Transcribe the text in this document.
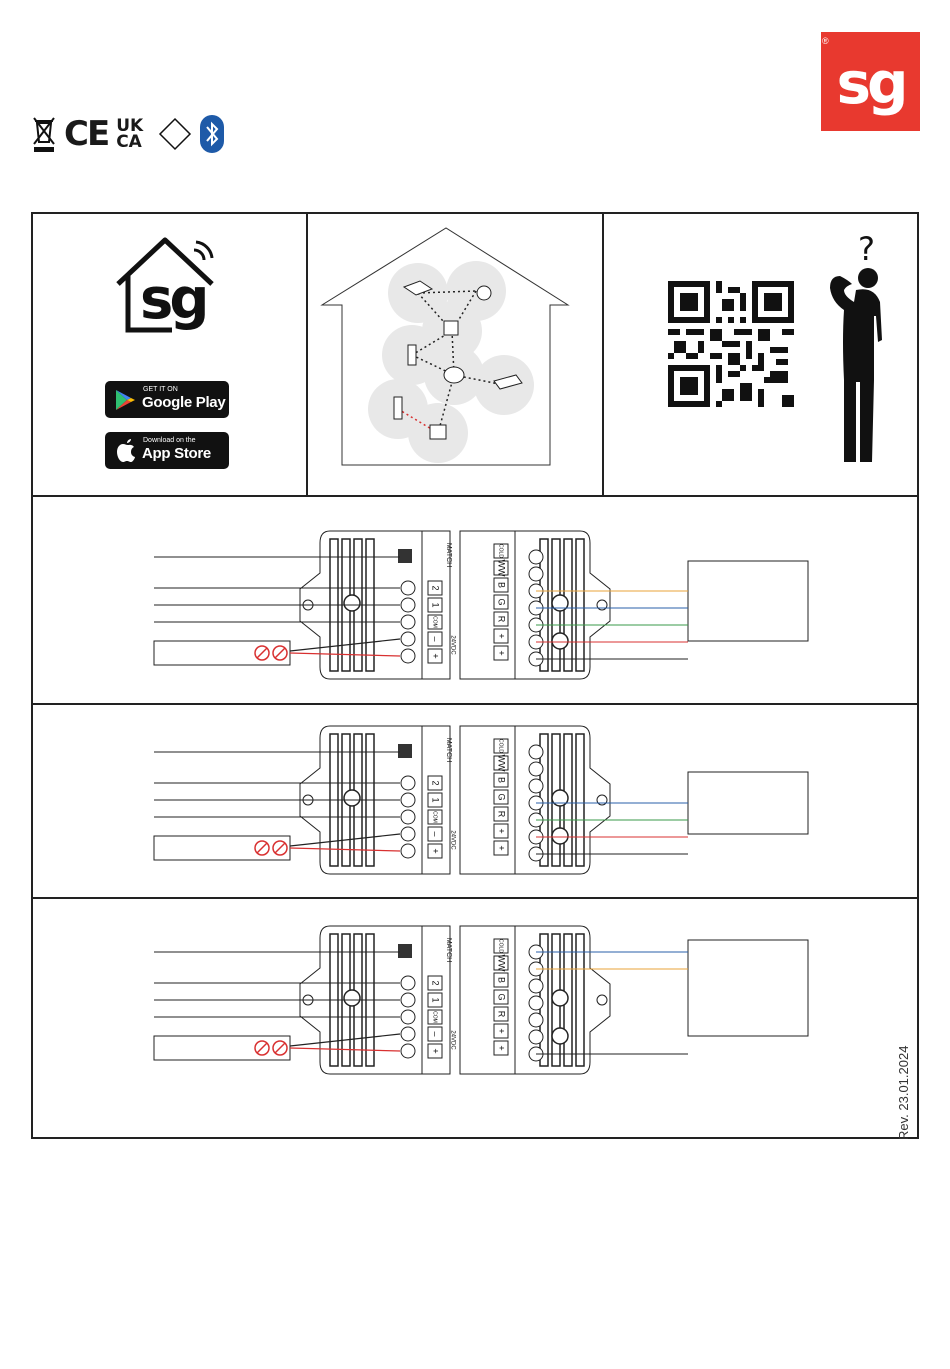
sg
®
CE UK CA
sg
GET IT ON
Google Play
Download on the
App Store
?
MATCH
2
1
COM
–
+
24VDC
COLD
WW
B
G
R
+
+
MATCH
2
1
COM
–
+
24VDC
COLD
WW
B
G
R
+
+
MATCH
2
1
COM
–
+
24VDC
COLD
WW
B
G
R
+
+	Rev. 23.01.2024
